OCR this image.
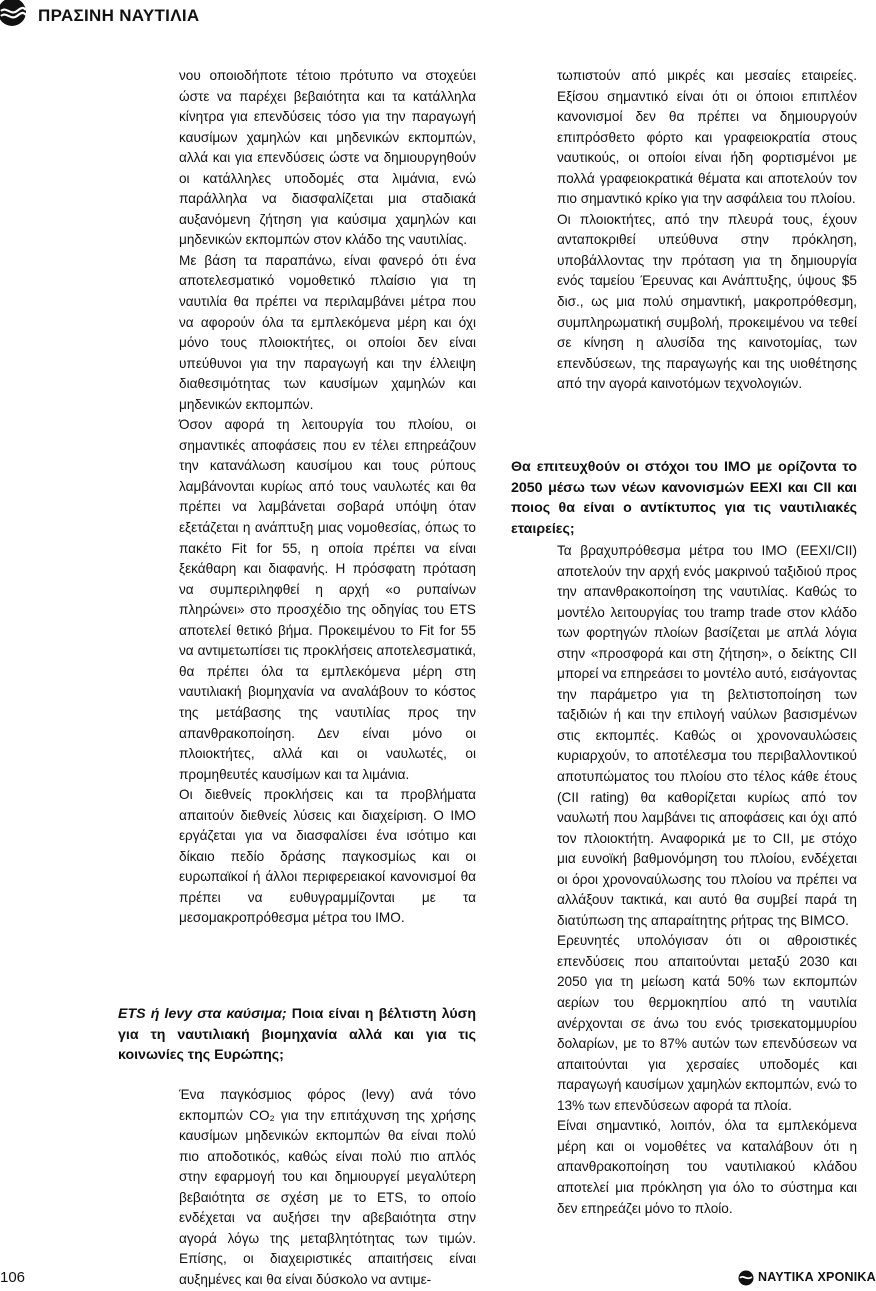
ΠΡΑΣΙΝΗ ΝΑΥΤΙΛΙΑ

νου οποιοδήποτε τέτοιο πρότυπο να στοχεύει ώστε να παρέχει βεβαιότητα και τα κατάλληλα κίνητρα για επενδύσεις τόσο για την παραγωγή καυσίμων χαμηλών και μηδενικών εκπομπών, αλλά και για επενδύσεις ώστε να δημιουργηθούν οι κατάλληλες υποδομές στα λιμάνια, ενώ παράλληλα να διασφαλίζεται μια σταδιακά αυξανόμενη ζήτηση για καύσιμα χαμηλών και μηδενικών εκπομπών στον κλάδο της ναυτιλίας.

Με βάση τα παραπάνω, είναι φανερό ότι ένα αποτελεσματικό νομοθετικό πλαίσιο για τη ναυτιλία θα πρέπει να περιλαμβάνει μέτρα που να αφορούν όλα τα εμπλεκόμενα μέρη και όχι μόνο τους πλοιοκτήτες, οι οποίοι δεν είναι υπεύθυνοι για την παραγωγή και την έλλειψη διαθεσιμότητας των καυσίμων χαμηλών και μηδενικών εκπομπών.

Όσον αφορά τη λειτουργία του πλοίου, οι σημαντικές αποφάσεις που εν τέλει επηρεάζουν την κατανάλωση καυσίμου και τους ρύπους λαμβάνονται κυρίως από τους ναυλωτές και θα πρέπει να λαμβάνεται σοβαρά υπόψη όταν εξετάζεται η ανάπτυξη μιας νομοθεσίας, όπως το πακέτο Fit for 55, η οποία πρέπει να είναι ξεκάθαρη και διαφανής. Η πρόσφατη πρόταση να συμπεριληφθεί η αρχή «ο ρυπαίνων πληρώνει» στο προσχέδιο της οδηγίας του ETS αποτελεί θετικό βήμα. Προκειμένου το Fit for 55 να αντιμετωπίσει τις προκλήσεις αποτελεσματικά, θα πρέπει όλα τα εμπλεκόμενα μέρη στη ναυτιλιακή βιομηχανία να αναλάβουν το κόστος της μετάβασης της ναυτιλίας προς την απανθρακοποίηση. Δεν είναι μόνο οι πλοιοκτήτες, αλλά και οι ναυλωτές, οι προμηθευτές καυσίμων και τα λιμάνια.

Οι διεθνείς προκλήσεις και τα προβλήματα απαιτούν διεθνείς λύσεις και διαχείριση. Ο IMO εργάζεται για να διασφαλίσει ένα ισότιμο και δίκαιο πεδίο δράσης παγκοσμίως και οι ευρωπαϊκοί ή άλλοι περιφερειακοί κανονισμοί θα πρέπει να ευθυγραμμίζονται με τα μεσομακροπρόθεσμα μέτρα του IMO.

ETS ή levy στα καύσιμα; Ποια είναι η βέλτιστη λύση για τη ναυτιλιακή βιομηχανία αλλά και για τις κοινωνίες της Ευρώπης;

Ένα παγκόσμιος φόρος (levy) ανά τόνο εκπομπών CO₂ για την επιτάχυνση της χρήσης καυσίμων μηδενικών εκπομπών θα είναι πολύ πιο αποδοτικός, καθώς είναι πολύ πιο απλός στην εφαρμογή του και δημιουργεί μεγαλύτερη βεβαιότητα σε σχέση με το ETS, το οποίο ενδέχεται να αυξήσει την αβεβαιότητα στην αγορά λόγω της μεταβλητότητας των τιμών. Επίσης, οι διαχειριστικές απαιτήσεις είναι αυξημένες και θα είναι δύσκολο να αντιμε-

τωπιστούν από μικρές και μεσαίες εταιρείες. Εξίσου σημαντικό είναι ότι οι όποιοι επιπλέον κανονισμοί δεν θα πρέπει να δημιουργούν επιπρόσθετο φόρτο και γραφειοκρατία στους ναυτικούς, οι οποίοι είναι ήδη φορτισμένοι με πολλά γραφειοκρατικά θέματα και αποτελούν τον πιο σημαντικό κρίκο για την ασφάλεια του πλοίου.

Οι πλοιοκτήτες, από την πλευρά τους, έχουν ανταποκριθεί υπεύθυνα στην πρόκληση, υποβάλλοντας την πρόταση για τη δημιουργία ενός ταμείου Έρευνας και Ανάπτυξης, ύψους $5 δισ., ως μια πολύ σημαντική, μακροπρόθεσμη, συμπληρωματική συμβολή, προκειμένου να τεθεί σε κίνηση η αλυσίδα της καινοτομίας, των επενδύσεων, της παραγωγής και της υιοθέτησης από την αγορά καινοτόμων τεχνολογιών.

Θα επιτευχθούν οι στόχοι του IMO με ορίζοντα το 2050 μέσω των νέων κανονισμών EEXI και CII και ποιος θα είναι ο αντίκτυπος για τις ναυτιλιακές εταιρείες;

Τα βραχυπρόθεσμα μέτρα του IMO (EEXI/CII) αποτελούν την αρχή ενός μακρινού ταξιδιού προς την απανθρακοποίηση της ναυτιλίας. Καθώς το μοντέλο λειτουργίας του tramp trade στον κλάδο των φορτηγών πλοίων βασίζεται με απλά λόγια στην «προσφορά και στη ζήτηση», ο δείκτης CII μπορεί να επηρεάσει το μοντέλο αυτό, εισάγοντας την παράμετρο για τη βελτιστοποίηση των ταξιδιών ή και την επιλογή ναύλων βασισμένων στις εκπομπές. Καθώς οι χρονοναυλώσεις κυριαρχούν, το αποτέλεσμα του περιβαλλοντικού αποτυπώματος του πλοίου στο τέλος κάθε έτους (CII rating) θα καθορίζεται κυρίως από τον ναυλωτή που λαμβάνει τις αποφάσεις και όχι από τον πλοιοκτήτη. Αναφορικά με το CII, με στόχο μια ευνοϊκή βαθμονόμηση του πλοίου, ενδέχεται οι όροι χρονοναύλωσης του πλοίου να πρέπει να αλλάξουν τακτικά, και αυτό θα συμβεί παρά τη διατύπωση της απαραίτητης ρήτρας της BIMCO.

Ερευνητές υπολόγισαν ότι οι αθροιστικές επενδύσεις που απαιτούνται μεταξύ 2030 και 2050 για τη μείωση κατά 50% των εκπομπών αερίων του θερμοκηπίου από τη ναυτιλία ανέρχονται σε άνω του ενός τρισεκατομμυρίου δολαρίων, με το 87% αυτών των επενδύσεων να απαιτούνται για χερσαίες υποδομές και παραγωγή καυσίμων χαμηλών εκπομπών, ενώ το 13% των επενδύσεων αφορά τα πλοία.

Είναι σημαντικό, λοιπόν, όλα τα εμπλεκόμενα μέρη και οι νομοθέτες να καταλάβουν ότι η απανθρακοποίηση του ναυτιλιακού κλάδου αποτελεί μια πρόκληση για όλο το σύστημα και δεν επηρεάζει μόνο το πλοίο.

106	ΝΑΥΤΙΚΑ ΧΡΟΝΙΚΑ
